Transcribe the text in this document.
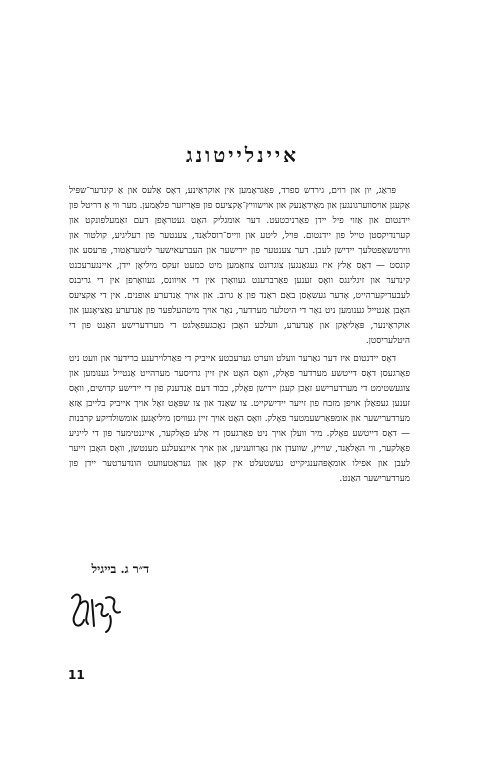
איינלייטונג

פּראַג, יון און רוים, גירדש ספרד, פּאַגראָמען אין אוקראַינע, דאָס אַלעס און אַ קינדער־שפּיל אַקעגן אויסווערגונגען און מאַידאַנעק און אוישוויץ־אַקציעס פון פּאַריזער פלאַמען. מער ווי אַ דריטל פון יידנטום און אַזוי פיל יידן פאַרניכטעט. דער אומגליק האָט געטראָפן דעם זאַמעלפונקט און קערנדיקסטן טייל פון יידנטום. פּויל, ליטע און ווייס־רוסלאַנד, צענטער פון רעליגיע, קולטור און ווירטשאַפטלעך יידישן לעבן. דער צענטער פון יידישער און העברעאישער ליטעראַטור, פּרעסע און קונסט — דאָס אַלץ איז געגאַנגען צוגרונט צוזאַמען מיט כמעט זעקס מיליאָן יידן, איינגערעכנט קינדער און זיגלינגס וואָס זענען פאַרברענט געוואָרן אין די אויוונס, געוואָרפן אין די גריבנס לעבעדיקערהייט, אָדער געשאָסן באַם ראַנד פון אַ גרוב. און אויך אַנדערע אופנים. אין די אַקציעס האָבן אַנטייל גענומען ניט נאָר די היטלער מערדער, נאָר אויך מיטהעלפער פון אַנדערע נאַציאָנען און אוקראַינער, פּאָליאַקן און אַנדערע, וועלכע האָבן נאָכגעפאָלגט די מערדערישע האַנט פון די היטלעריסטן.

דאָס יידנטום איז דער גאַרער וועלט ווערט גערעכטע אייביק די פאַרלוירענע ברידער און וועט ניט פאַרגעסן דאָס דייטשע מערדער פאָלק, וואָס האָט אין זיין גרויסער מערהייט אַנטייל גענומען און צוגעשטימט די מערדערישע זאַכן קעגן יידישן פאָלק, כבוד דעם אַנדענק פון די יידישע קדושים, וואָס זענען געפאַלן אויפן מזבח פון זייער יידישקייט. צו שאַנד און צו שפּאָט זאָל אויך אייביק בלייבן אַזאַ מערדערישער און אומפּאַרשעמטער פאָלק. וואָס האָט אויך זיין געוויסן מיליאָנען אומשולדיקע קרבנות — דאָס דייטשע פאָלק. מיר וועלן אויך ניט פאַרגעסן די אַלע פאָלקער, אייגנטימער פון די לייניע פאָלקער, ווי האָלאַנד, שוייץ, שוועדן און נאָרוועגיען, און אויך איינצעלנע מענטשן, וואָס האָבן זייער לעבן און אפילו אומאָפּהענגיקייט געשטעלט אין קאָן און געראַטעוועט הונדערטער יידן פון מערדערישער האַנט.

ד״ר ג. בייגיל
11
